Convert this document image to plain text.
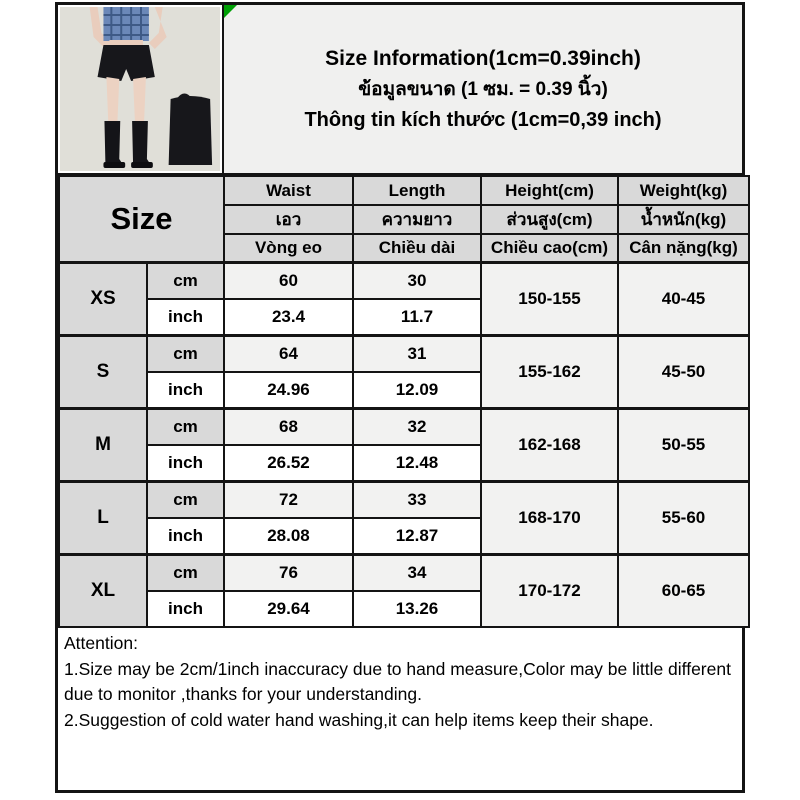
Size Information(1cm=0.39inch)
ข้อมูลขนาด (1 ซม. = 0.39 นิ้ว)
Thông tin kích thước (1cm=0,39 inch)
Size		Waist	Length	Height(cm)	Weight(kg)
		เอว	ความยาว	ส่วนสูง(cm)	น้ำหนัก(kg)
		Vòng eo	Chiều dài	Chiều cao(cm)	Cân nặng(kg)
XS	cm	60	30	150-155	40-45
	inch	23.4	11.7		
S	cm	64	31	155-162	45-50
	inch	24.96	12.09		
M	cm	68	32	162-168	50-55
	inch	26.52	12.48		
L	cm	72	33	168-170	55-60
	inch	28.08	12.87		
XL	cm	76	34	170-172	60-65
	inch	29.64	13.26		
Attention:
1.Size may be 2cm/1inch inaccuracy due to hand measure,Color may be little different due to monitor ,thanks for your understanding.
2.Suggestion of cold water hand washing,it can help items keep their shape.
